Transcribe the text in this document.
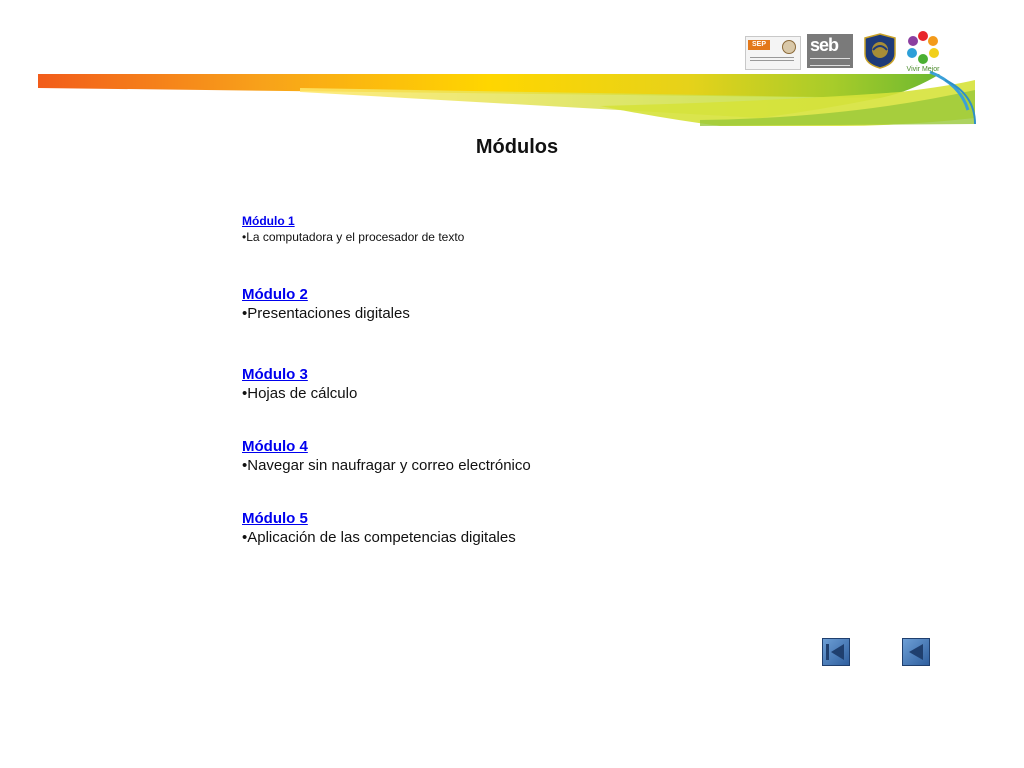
SEP seb
Vivir Mejor
Módulos
Módulo 1
•La computadora y el procesador de texto
Módulo 2
•Presentaciones digitales
Módulo 3
•Hojas de cálculo
Módulo 4
•Navegar sin naufragar y correo electrónico
Módulo 5
•Aplicación de las competencias digitales
